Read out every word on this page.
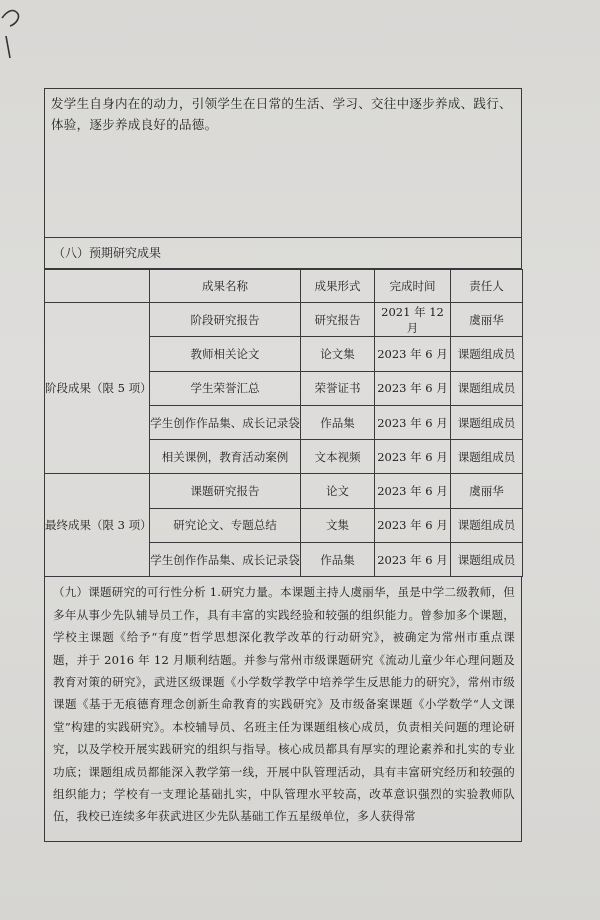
发学生自身内在的动力，引领学生在日常的生活、学习、交往中逐步养成、践行、体验，逐步养成良好的品德。

（八）预期研究成果
	成果名称	成果形式	完成时间	责任人
阶段成果（限 5 项）	阶段研究报告	研究报告	2021 年 12 月	虞丽华
	教师相关论文	论文集	2023 年 6 月	课题组成员
	学生荣誉汇总	荣誉证书	2023 年 6 月	课题组成员
	学生创作作品集、成长记录袋	作品集	2023 年 6 月	课题组成员
	相关课例，教育活动案例	文本视频	2023 年 6 月	课题组成员
最终成果（限 3 项）	课题研究报告	论文	2023 年 6 月	虞丽华
	研究论文、专题总结	文集	2023 年 6 月	课题组成员
	学生创作作品集、成长记录袋	作品集	2023 年 6 月	课题组成员
（九）课题研究的可行性分析 1.研究力量。本课题主持人虞丽华，虽是中学二级教师，但多年从事少先队辅导员工作，具有丰富的实践经验和较强的组织能力。曾参加多个课题，学校主课题《给予“有度”哲学思想深化教学改革的行动研究》，被确定为常州市重点课题，并于 2016 年 12 月顺利结题。并参与常州市级课题研究《流动儿童少年心理问题及教育对策的研究》，武进区级课题《小学数学教学中培养学生反思能力的研究》，常州市级课题《基于无痕德育理念创新生命教育的实践研究》及市级备案课题《小学数学“人文课堂”构建的实践研究》。本校辅导员、名班主任为课题组核心成员，负责相关问题的理论研究，以及学校开展实践研究的组织与指导。核心成员都具有厚实的理论素养和扎实的专业功底；课题组成员都能深入教学第一线，开展中队管理活动，具有丰富研究经历和较强的组织能力；学校有一支理论基础扎实，中队管理水平较高，改革意识强烈的实验教师队伍，我校已连续多年获武进区少先队基础工作五星级单位，多人获得常
